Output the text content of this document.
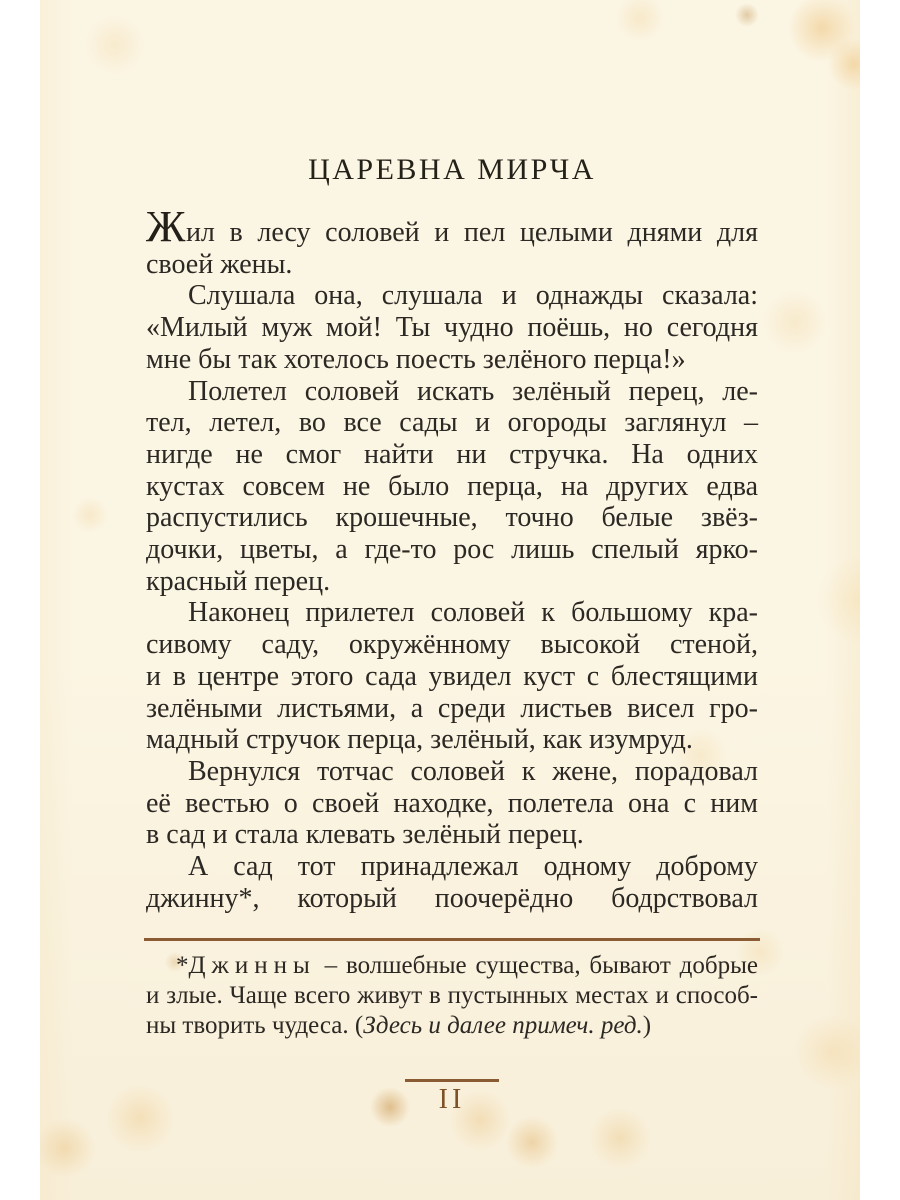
ЦАРЕВНА МИРЧА
Жил в лесу соловей и пел целыми днями для
своей жены.
Слушала она, слушала и однажды сказала:
«Милый муж мой! Ты чудно поёшь, но сегодня
мне бы так хотелось поесть зелёного перца!»
Полетел соловей искать зелёный перец, ле-
тел, летел, во все сады и огороды заглянул –
нигде не смог найти ни стручка. На одних
кустах совсем не было перца, на других едва
распустились крошечные, точно белые звёз-
дочки, цветы, а где-то рос лишь спелый ярко-
красный перец.
Наконец прилетел соловей к большому кра-
сивому саду, окружённому высокой стеной,
и в центре этого сада увидел куст с блестящими
зелёными листьями, а среди листьев висел гро-
мадный стручок перца, зелёный, как изумруд.
Вернулся тотчас соловей к жене, порадовал
её вестью о своей находке, полетела она с ним
в сад и стала клевать зелёный перец.
А сад тот принадлежал одному доброму
джинну*, который поочерёдно бодрствовал
*Джинны – волшебные существа, бывают добрые
и злые. Чаще всего живут в пустынных местах и способ-
ны творить чудеса. (Здесь и далее примеч. ред.)
II
